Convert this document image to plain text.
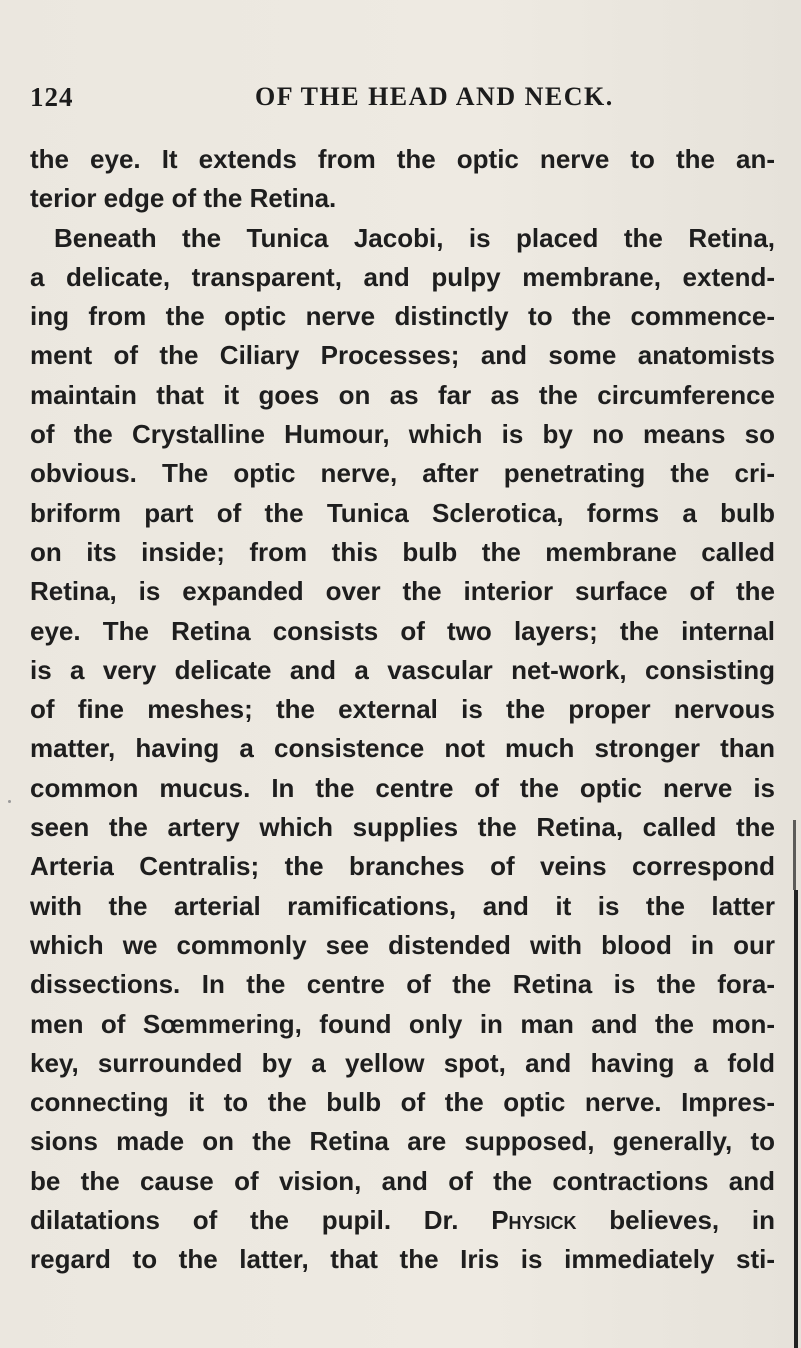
124	OF THE HEAD AND NECK.
the eye. It extends from the optic nerve to the an-
terior edge of the Retina.
Beneath the Tunica Jacobi, is placed the Retina,
a delicate, transparent, and pulpy membrane, extend-
ing from the optic nerve distinctly to the commence-
ment of the Ciliary Processes; and some anatomists
maintain that it goes on as far as the circumference
of the Crystalline Humour, which is by no means so
obvious. The optic nerve, after penetrating the cri-
briform part of the Tunica Sclerotica, forms a bulb
on its inside; from this bulb the membrane called
Retina, is expanded over the interior surface of the
eye. The Retina consists of two layers; the internal
is a very delicate and a vascular net-work, consisting
of fine meshes; the external is the proper nervous
matter, having a consistence not much stronger than
common mucus. In the centre of the optic nerve is
seen the artery which supplies the Retina, called the
Arteria Centralis; the branches of veins correspond
with the arterial ramifications, and it is the latter
which we commonly see distended with blood in our
dissections. In the centre of the Retina is the fora-
men of Sœmmering, found only in man and the mon-
key, surrounded by a yellow spot, and having a fold
connecting it to the bulb of the optic nerve. Impres-
sions made on the Retina are supposed, generally, to
be the cause of vision, and of the contractions and
dilatations of the pupil. Dr. Physick believes, in
regard to the latter, that the Iris is immediately sti-
